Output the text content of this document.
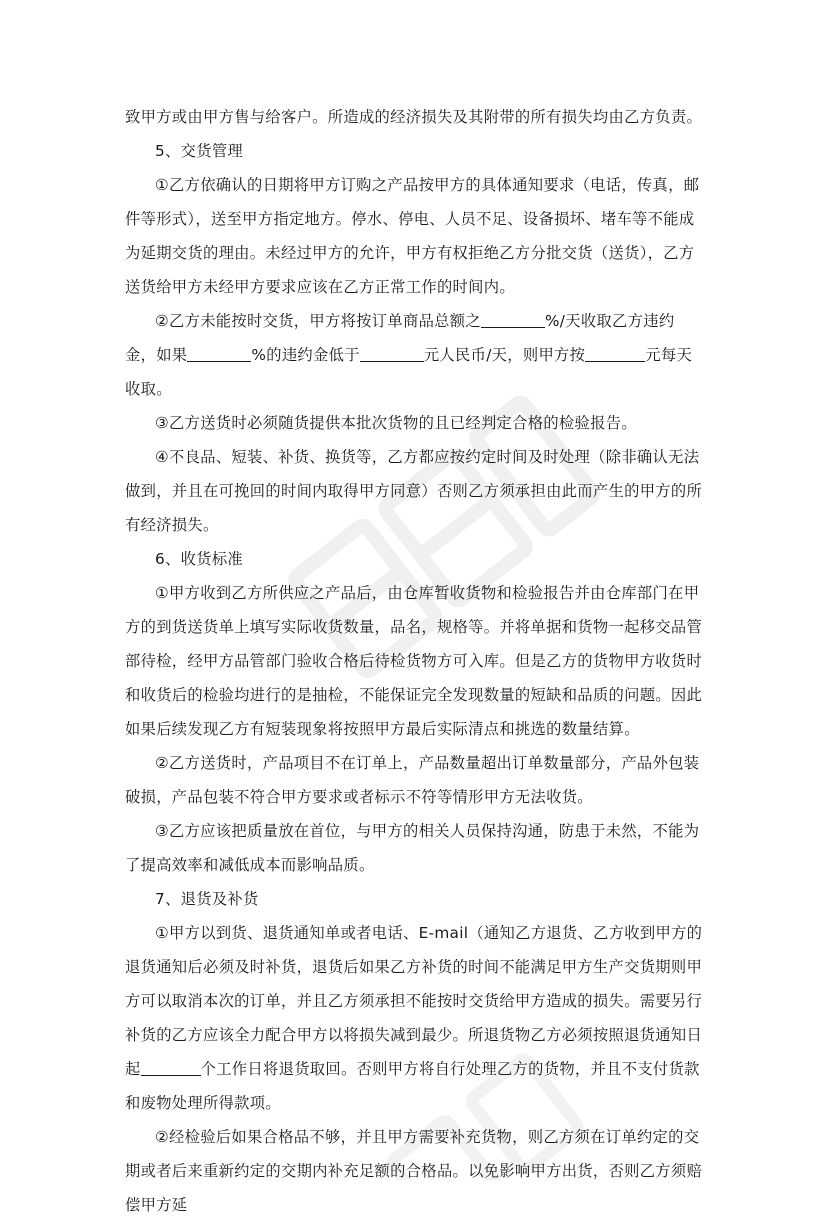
致甲方或由甲方售与给客户。所造成的经济损失及其附带的所有损失均由乙方负责。

5、交货管理

①乙方依确认的日期将甲方订购之产品按甲方的具体通知要求（电话，传真，邮件等形式），送至甲方指定地方。停水、停电、人员不足、设备损坏、堵车等不能成为延期交货的理由。未经过甲方的允许，甲方有权拒绝乙方分批交货（送货），乙方送货给甲方未经甲方要求应该在乙方正常工作的时间内。

②乙方未能按时交货，甲方将按订单商品总额之	%/天收取乙方违约金，如果	%的违约金低于	元人民币/天，则甲方按	元每天收取。

③乙方送货时必须随货提供本批次货物的且已经判定合格的检验报告。

④不良品、短装、补货、换货等，乙方都应按约定时间及时处理（除非确认无法做到，并且在可挽回的时间内取得甲方同意）否则乙方须承担由此而产生的甲方的所有经济损失。

6、收货标准

①甲方收到乙方所供应之产品后，由仓库暂收货物和检验报告并由仓库部门在甲方的到货送货单上填写实际收货数量，品名，规格等。并将单据和货物一起移交品管部待检，经甲方品管部门验收合格后待检货物方可入库。但是乙方的货物甲方收货时和收货后的检验均进行的是抽检，不能保证完全发现数量的短缺和品质的问题。因此如果后续发现乙方有短装现象将按照甲方最后实际清点和挑选的数量结算。

②乙方送货时，产品项目不在订单上，产品数量超出订单数量部分，产品外包装破损，产品包装不符合甲方要求或者标示不符等情形甲方无法收货。

③乙方应该把质量放在首位，与甲方的相关人员保持沟通，防患于未然，不能为了提高效率和减低成本而影响品质。

7、退货及补货

①甲方以到货、退货通知单或者电话、E-mail（通知乙方退货、乙方收到甲方的退货通知后必须及时补货，退货后如果乙方补货的时间不能满足甲方生产交货期则甲方可以取消本次的订单，并且乙方须承担不能按时交货给甲方造成的损失。需要另行补货的乙方应该全力配合甲方以将损失减到最少。所退货物乙方必须按照退货通知日起	个工作日将退货取回。否则甲方将自行处理乙方的货物，并且不支付货款和废物处理所得款项。

②经检验后如果合格品不够，并且甲方需要补充货物，则乙方须在订单约定的交期或者后来重新约定的交期内补充足额的合格品。以免影响甲方出货，否则乙方须赔偿甲方延
